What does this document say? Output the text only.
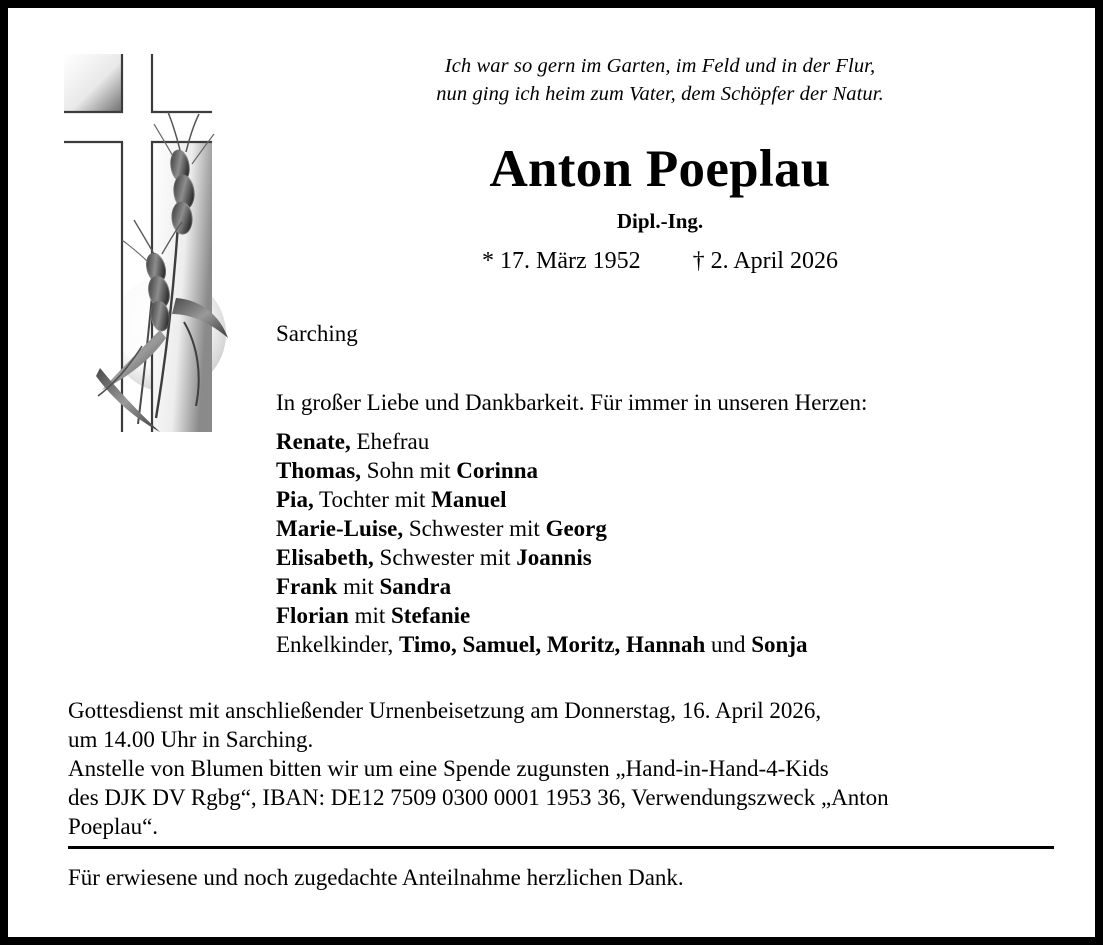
Ich war so gern im Garten, im Feld und in der Flur,
nun ging ich heim zum Vater, dem Schöpfer der Natur.
Anton Poeplau
Dipl.-Ing.
* 17. März 1952 † 2. April 2026
Sarching
In großer Liebe und Dankbarkeit. Für immer in unseren Herzen:
Renate, Ehefrau
Thomas, Sohn mit Corinna
Pia, Tochter mit Manuel
Marie-Luise, Schwester mit Georg
Elisabeth, Schwester mit Joannis
Frank mit Sandra
Florian mit Stefanie
Enkelkinder, Timo, Samuel, Moritz, Hannah und Sonja
Gottesdienst mit anschließender Urnenbeisetzung am Donnerstag, 16. April 2026,
um 14.00 Uhr in Sarching.
Anstelle von Blumen bitten wir um eine Spende zugunsten „Hand-in-Hand-4-Kids
des DJK DV Rgbg“, IBAN: DE12 7509 0300 0001 1953 36, Verwendungszweck „Anton
Poeplau“.
Für erwiesene und noch zugedachte Anteilnahme herzlichen Dank.
